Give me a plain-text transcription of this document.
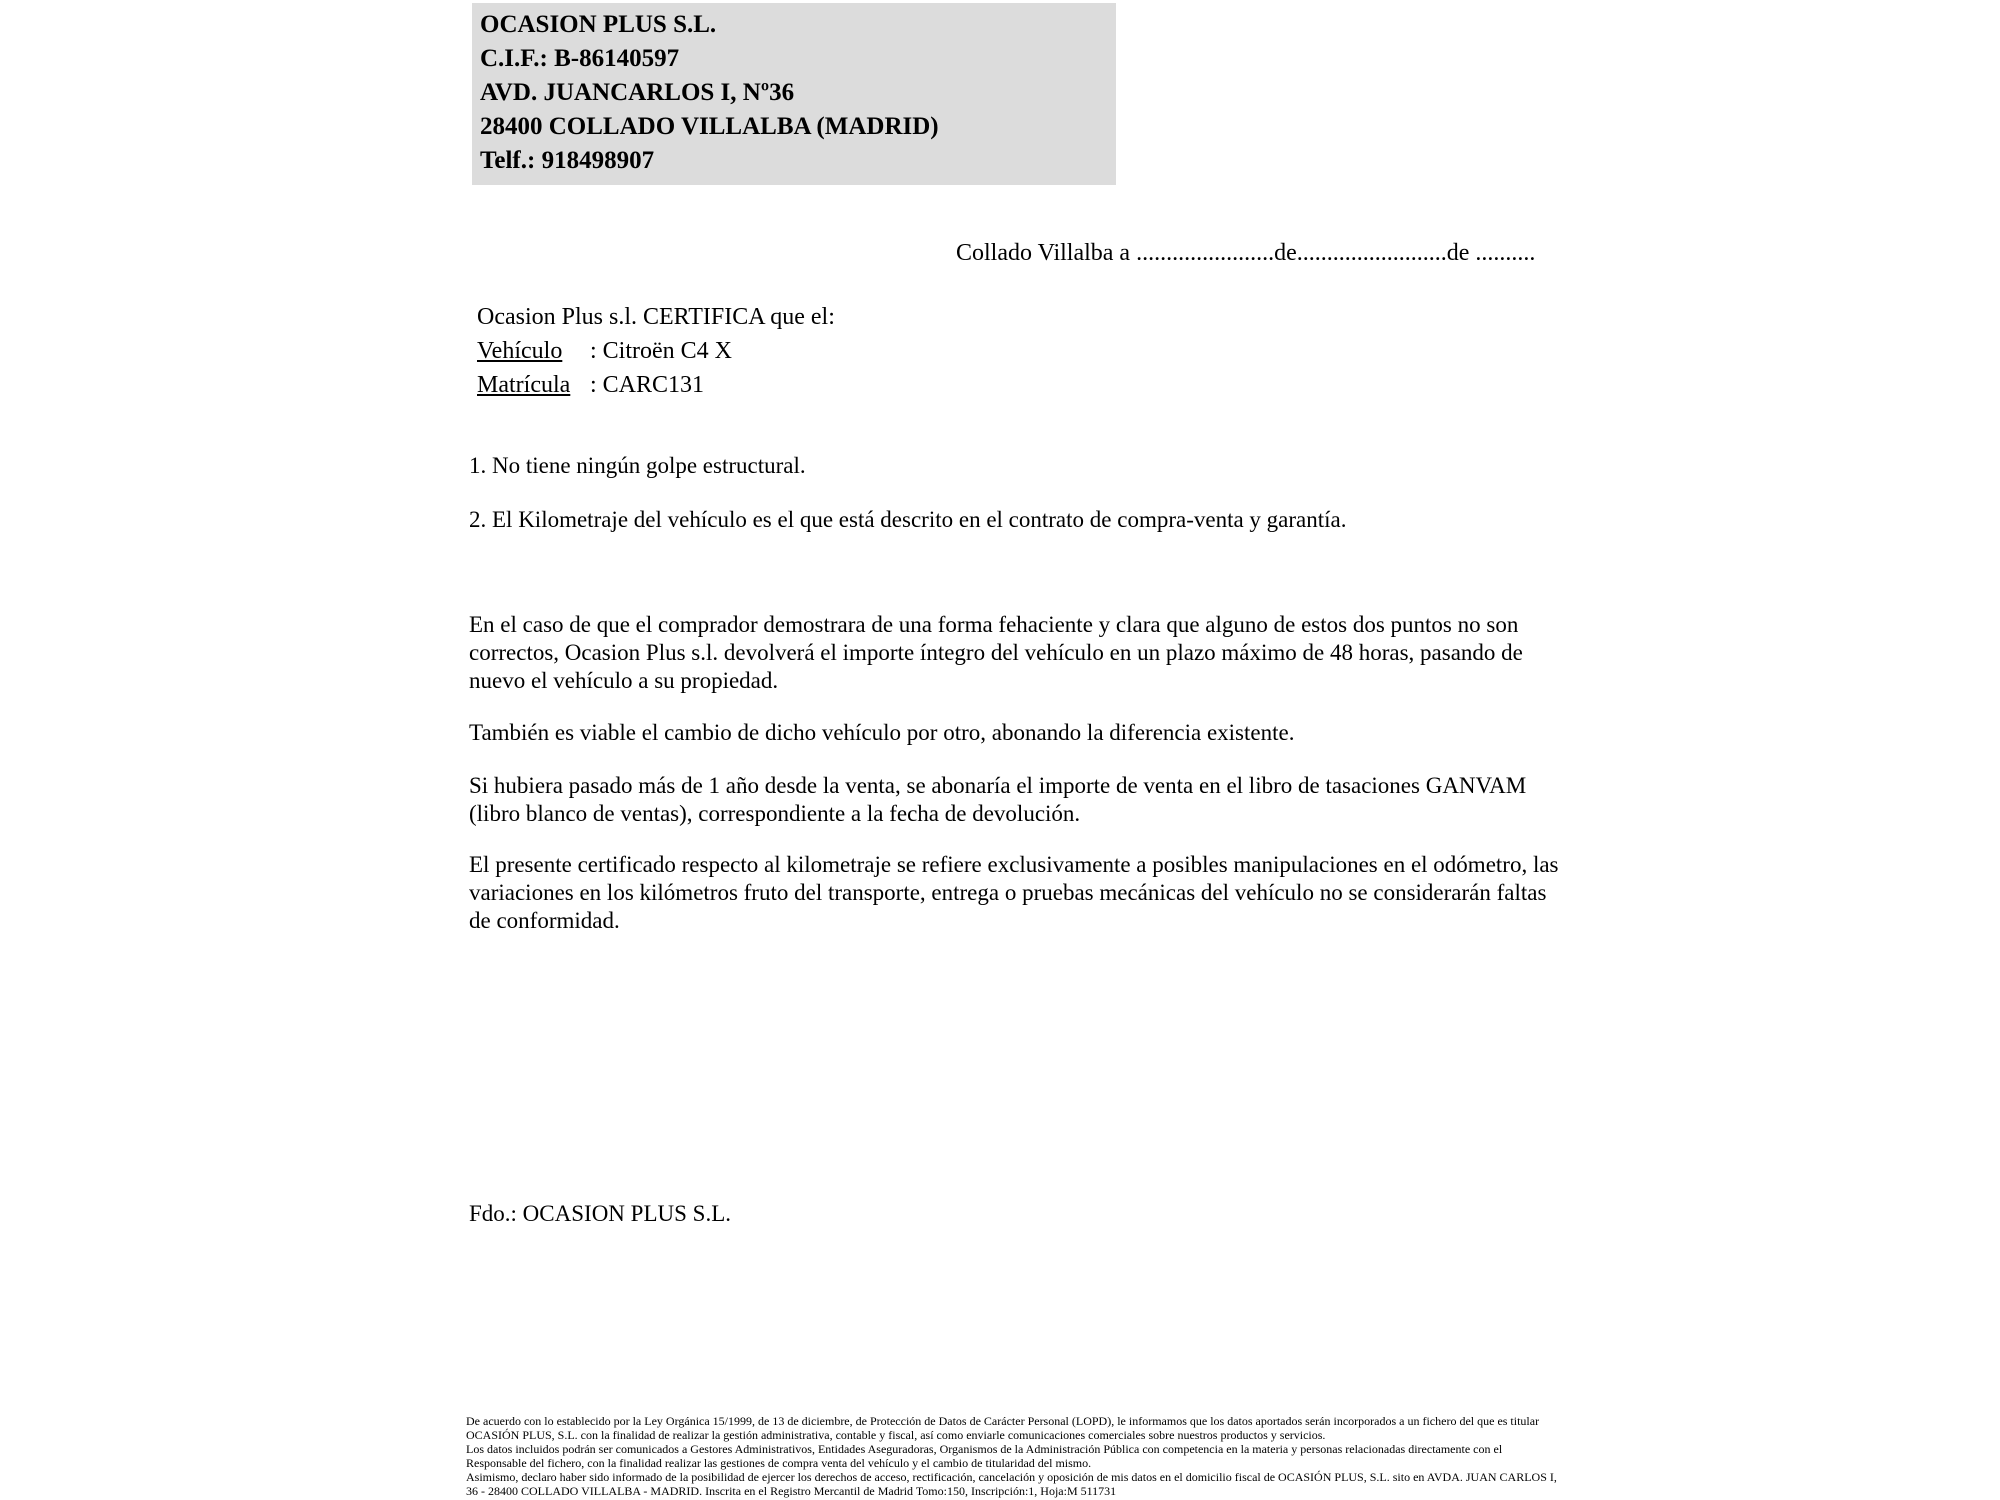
OCASION PLUS S.L.
C.I.F.: B-86140597
AVD. JUANCARLOS I, Nº36
28400 COLLADO VILLALBA (MADRID)
Telf.: 918498907
Collado Villalba a .......................de.........................de ..........
Ocasion Plus s.l. CERTIFICA que el:
Vehículo : Citroën C4 X
Matrícula : CARC131
1. No tiene ningún golpe estructural.
2. El Kilometraje del vehículo es el que está descrito en el contrato de compra-venta y garantía.
En el caso de que el comprador demostrara de una forma fehaciente y clara que alguno de estos dos puntos no son correctos, Ocasion Plus s.l. devolverá el importe íntegro del vehículo en un plazo máximo de 48 horas, pasando de nuevo el vehículo a su propiedad.
También es viable el cambio de dicho vehículo por otro, abonando la diferencia existente.
Si hubiera pasado más de 1 año desde la venta, se abonaría el importe de venta en el libro de tasaciones GANVAM (libro blanco de ventas), correspondiente a la fecha de devolución.
El presente certificado respecto al kilometraje se refiere exclusivamente a posibles manipulaciones en el odómetro, las variaciones en los kilómetros fruto del transporte, entrega o pruebas mecánicas del vehículo no se considerarán faltas de conformidad.
Fdo.: OCASION PLUS S.L.

De acuerdo con lo establecido por la Ley Orgánica 15/1999, de 13 de diciembre, de Protección de Datos de Carácter Personal (LOPD), le informamos que los datos aportados serán incorporados a un fichero del que es titular OCASIÓN PLUS, S.L. con la finalidad de realizar la gestión administrativa, contable y fiscal, así como enviarle comunicaciones comerciales sobre nuestros productos y servicios.

Los datos incluidos podrán ser comunicados a Gestores Administrativos, Entidades Aseguradoras, Organismos de la Administración Pública con competencia en la materia y personas relacionadas directamente con el Responsable del fichero, con la finalidad realizar las gestiones de compra venta del vehículo y el cambio de titularidad del mismo.

Asimismo, declaro haber sido informado de la posibilidad de ejercer los derechos de acceso, rectificación, cancelación y oposición de mis datos en el domicilio fiscal de OCASIÓN PLUS, S.L. sito en AVDA. JUAN CARLOS I, 36 - 28400 COLLADO VILLALBA - MADRID. Inscrita en el Registro Mercantil de Madrid Tomo:150, Inscripción:1, Hoja:M 511731
